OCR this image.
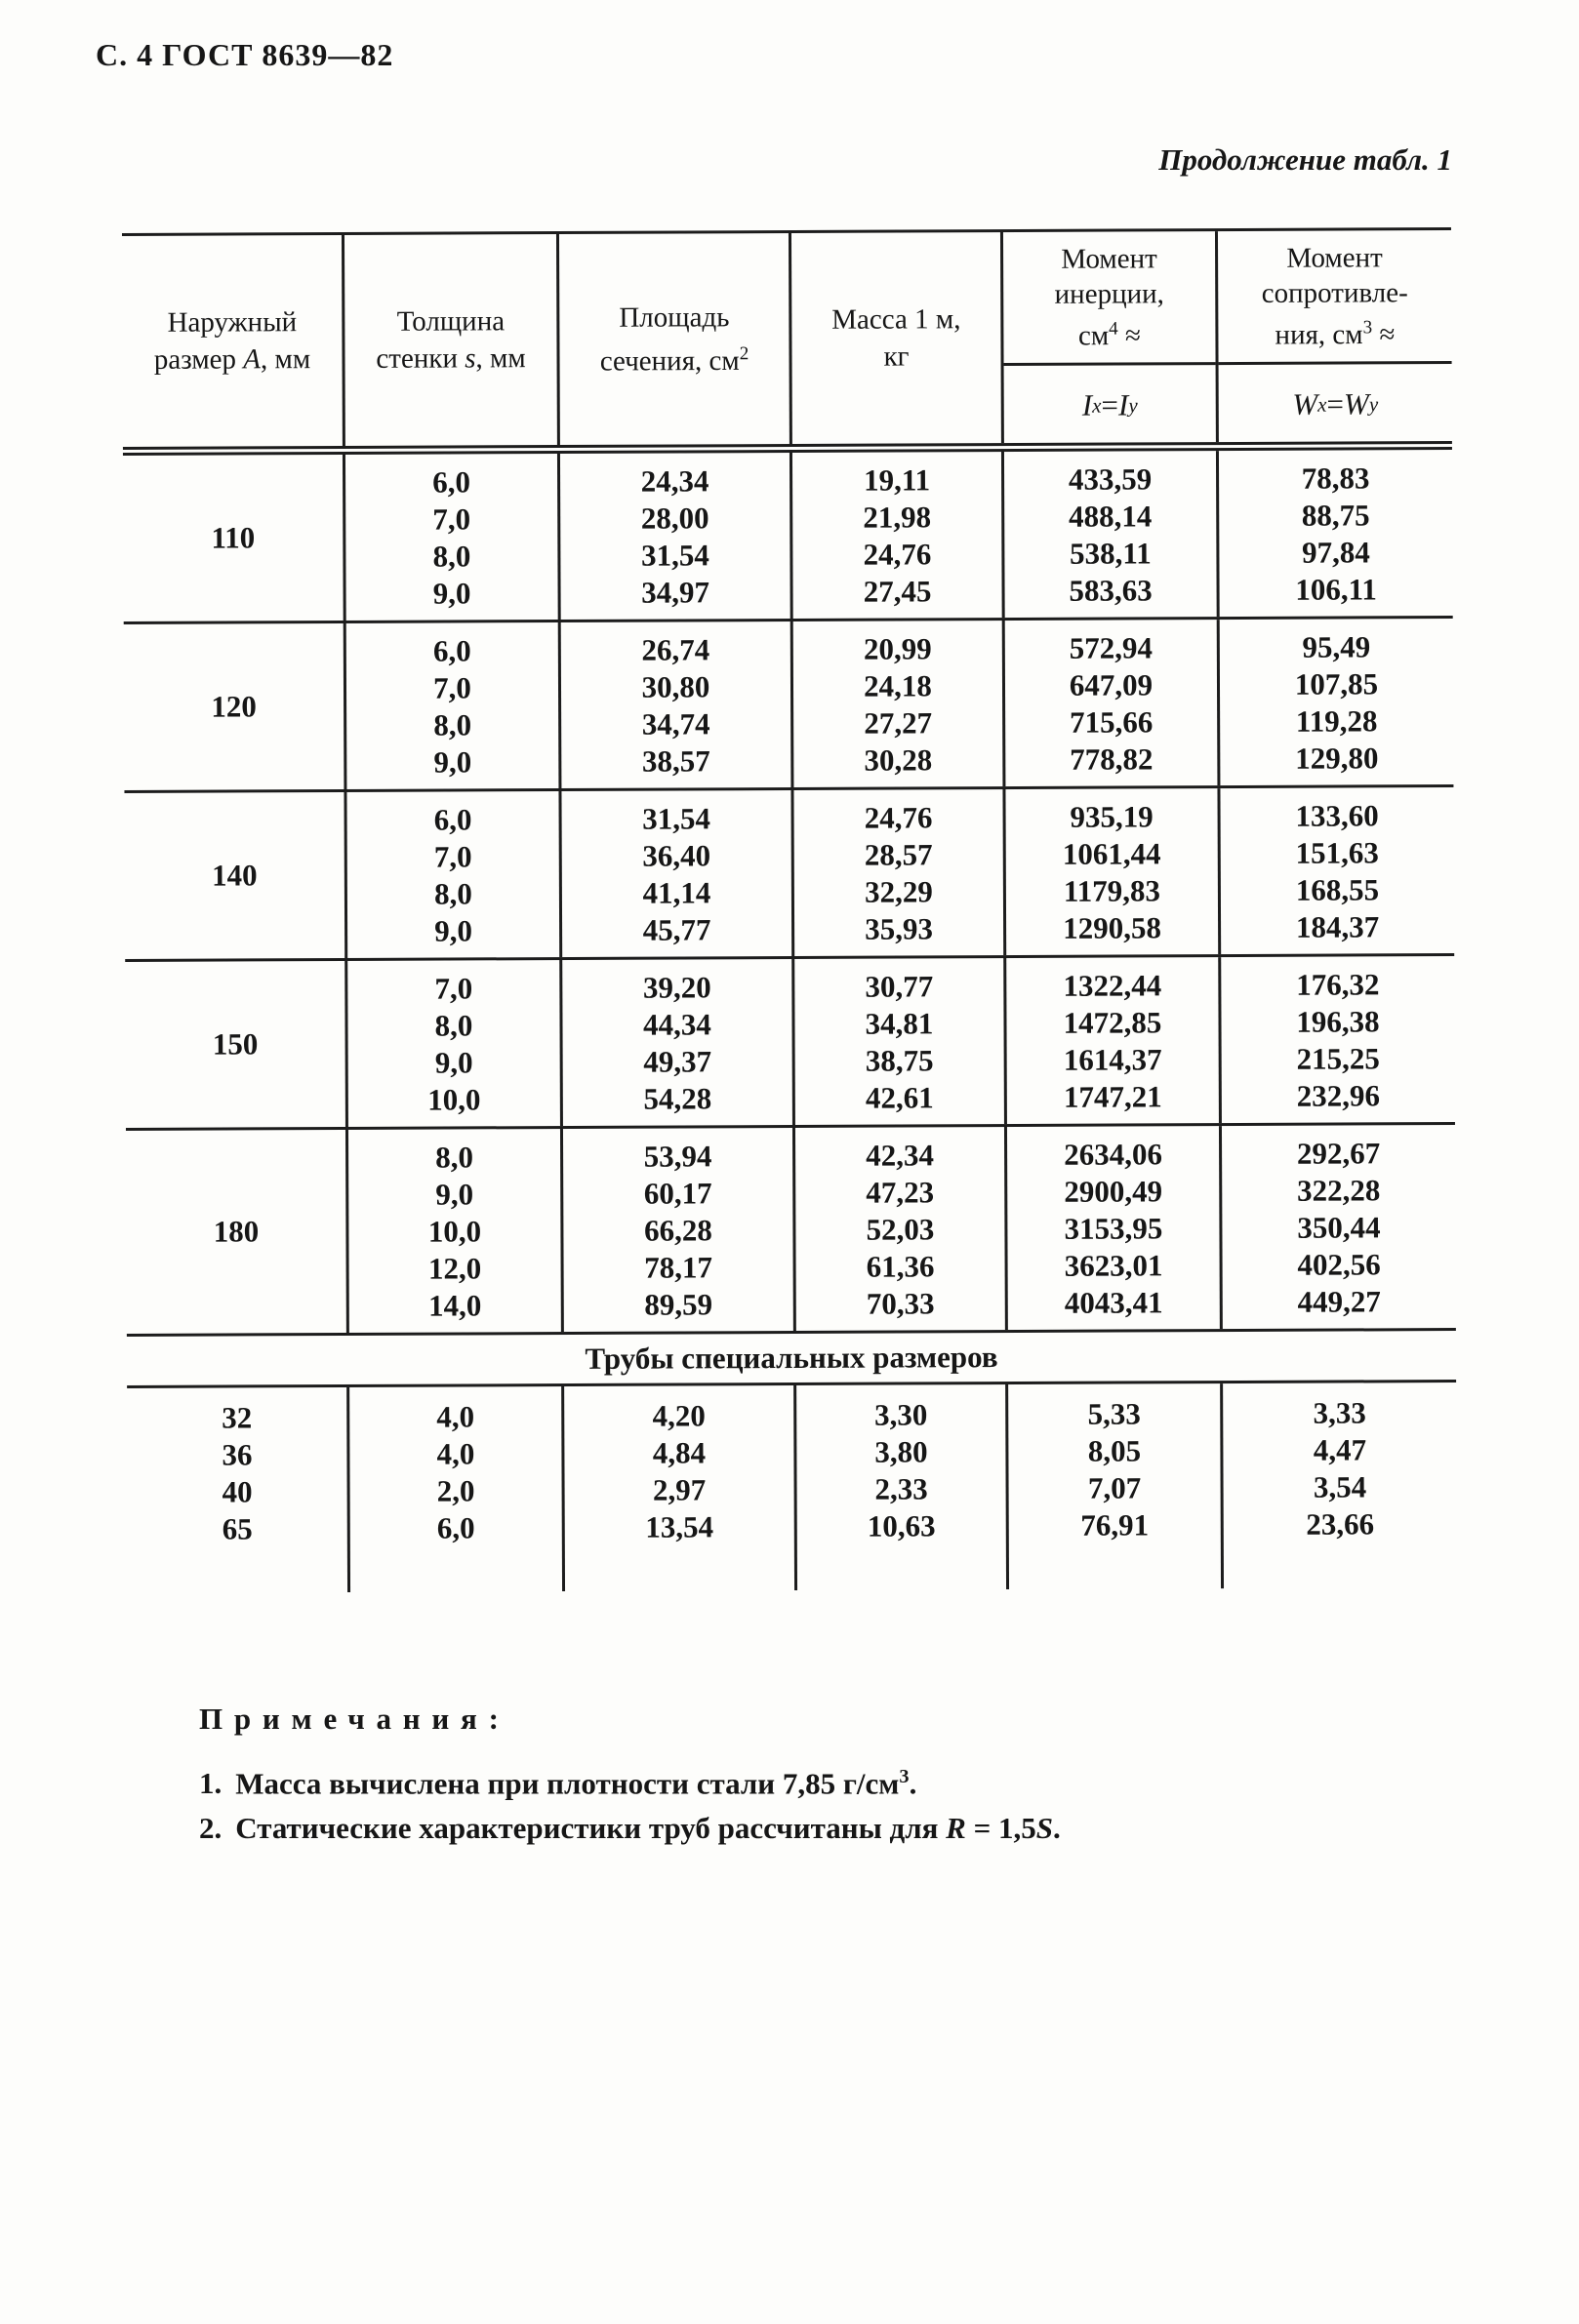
С. 4 ГОСТ 8639—82
Продолжение табл. 1
Наружный
размер А, мм
Толщина
стенки s, мм
Площадь
сечения, $см^2$
Масса 1 м,
кг
Момент
инерции,
$см^4$ ≈
I x = I y
Момент
сопротивле-
ния, $см^3$ ≈
W x = W y
110
6,0
7,0
8,0
9,0
24,34
28,00
31,54
34,97
19,11
21,98
24,76
27,45
433,59
488,14
538,11
583,63
78,83
88,75
97,84
106,11
120
6,0
7,0
8,0
9,0
26,74
30,80
34,74
38,57
20,99
24,18
27,27
30,28
572,94
647,09
715,66
778,82
95,49
107,85
119,28
129,80
140
6,0
7,0
8,0
9,0
31,54
36,40
41,14
45,77
24,76
28,57
32,29
35,93
935,19
1061,44
1179,83
1290,58
133,60
151,63
168,55
184,37
150
7,0
8,0
9,0
10,0
39,20
44,34
49,37
54,28
30,77
34,81
38,75
42,61
1322,44
1472,85
1614,37
1747,21
176,32
196,38
215,25
232,96
180
8,0
9,0
10,0
12,0
14,0
53,94
60,17
66,28
78,17
89,59
42,34
47,23
52,03
61,36
70,33
2634,06
2900,49
3153,95
3623,01
4043,41
292,67
322,28
350,44
402,56
449,27
Трубы специальных размеров
32
36
40
65
4,0
4,0
2,0
6,0
4,20
4,84
2,97
13,54
3,30
3,80
2,33
10,63
5,33
8,05
7,07
76,91
3,33
4,47
3,54
23,66
Примечания:
1. Масса вычислена при плотности стали 7,85 $г/см^3$.
2. Статические характеристики труб рассчитаны для R = 1,5S.
